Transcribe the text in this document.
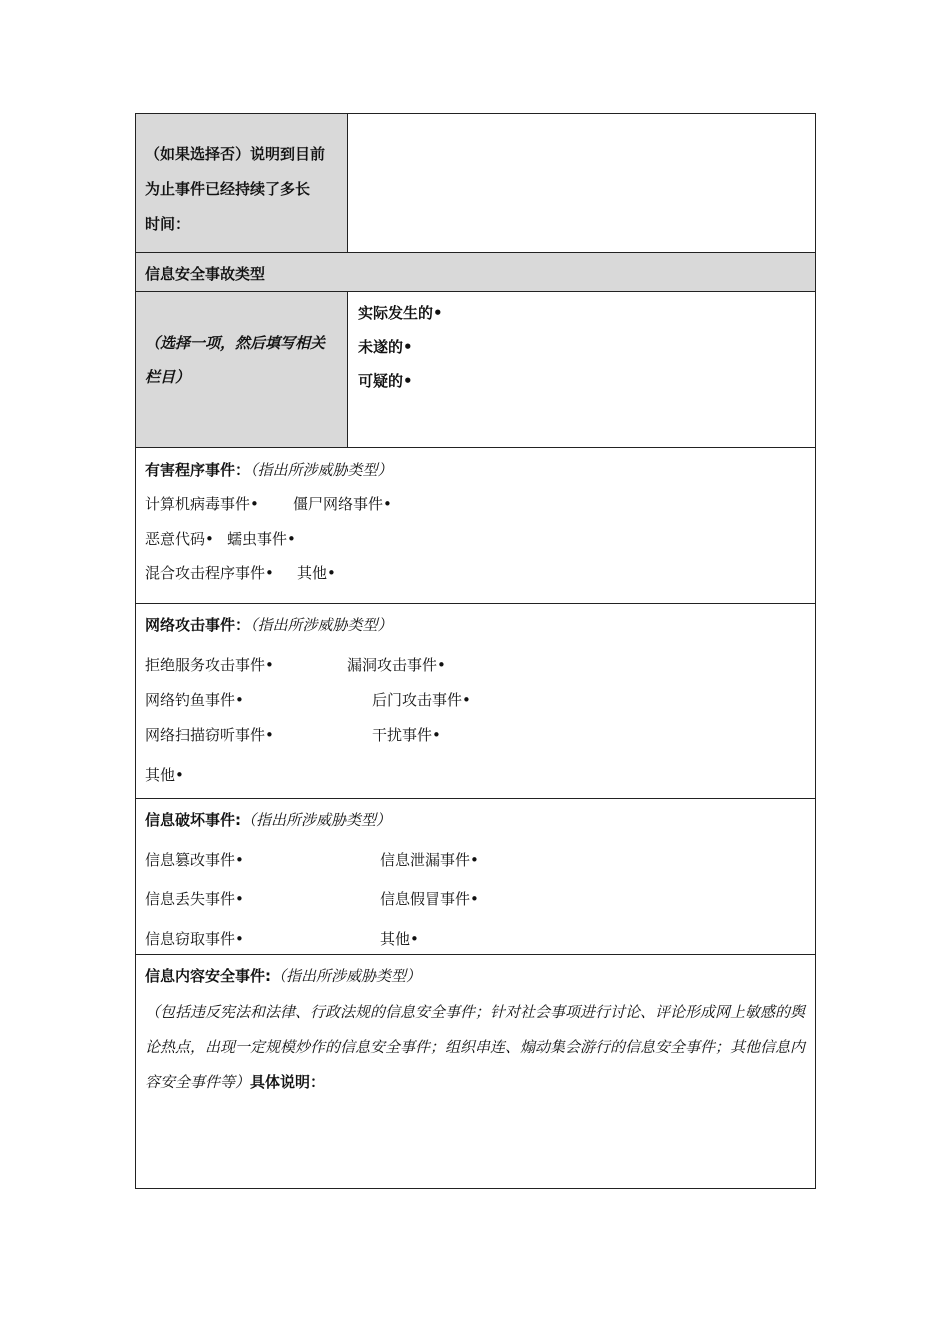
（如果选择否）说明到目前
为止事件已经持续了多长
时间：
信息安全事故类型
（选择一项，然后填写相关
栏目）
实际发生的•
未遂的•
可疑的•
有害程序事件：（指出所涉威胁类型）
计算机病毒事件• 僵尸网络事件•
恶意代码• 蠕虫事件•
混合攻击程序事件• 其他•
网络攻击事件：（指出所涉威胁类型）
拒绝服务攻击事件•	漏洞攻击事件•
网络钓鱼事件•	后门攻击事件•
网络扫描窃听事件•	干扰事件•
其他•
信息破坏事件:（指出所涉威胁类型）
信息篡改事件•	信息泄漏事件•
信息丢失事件•	信息假冒事件•
信息窃取事件•	其他•
信息内容安全事件:（指出所涉威胁类型）
（包括违反宪法和法律、行政法规的信息安全事件；针对社会事项进行讨论、评论形成网上敏感的舆论热点，出现一定规模炒作的信息安全事件；组织串连、煽动集会游行的信息安全事件；其他信息内容安全事件等）具体说明：
